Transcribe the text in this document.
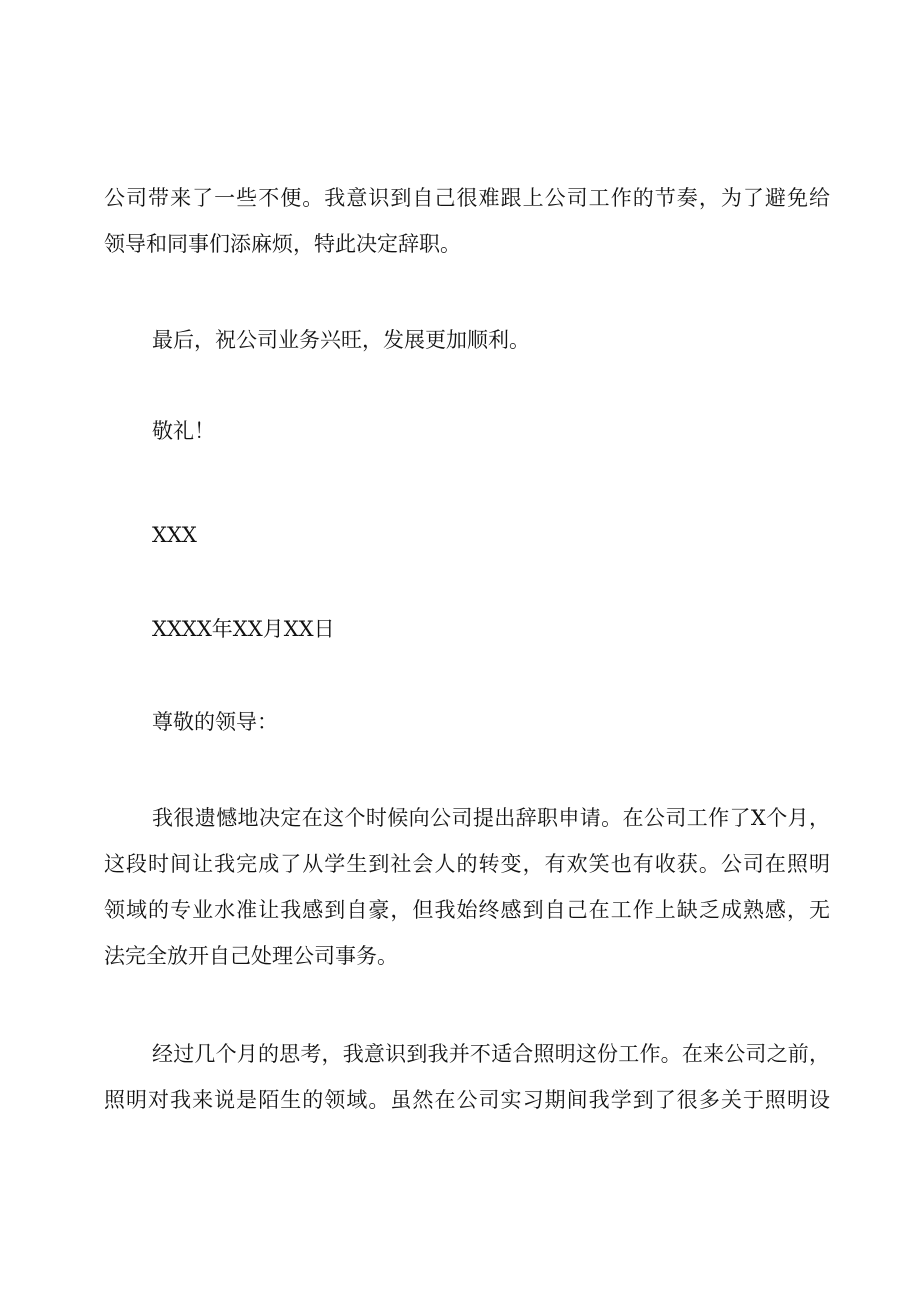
公司带来了一些不便。我意识到自己很难跟上公司工作的节奏，为了避免给
领导和同事们添麻烦，特此决定辞职。
最后，祝公司业务兴旺，发展更加顺利。
敬礼！
XXX
XXXX年XX月XX日
尊敬的领导：
我很遗憾地决定在这个时候向公司提出辞职申请。在公司工作了X个月，
这段时间让我完成了从学生到社会人的转变，有欢笑也有收获。公司在照明
领域的专业水准让我感到自豪，但我始终感到自己在工作上缺乏成熟感，无
法完全放开自己处理公司事务。
经过几个月的思考，我意识到我并不适合照明这份工作。在来公司之前，
照明对我来说是陌生的领域。虽然在公司实习期间我学到了很多关于照明设
